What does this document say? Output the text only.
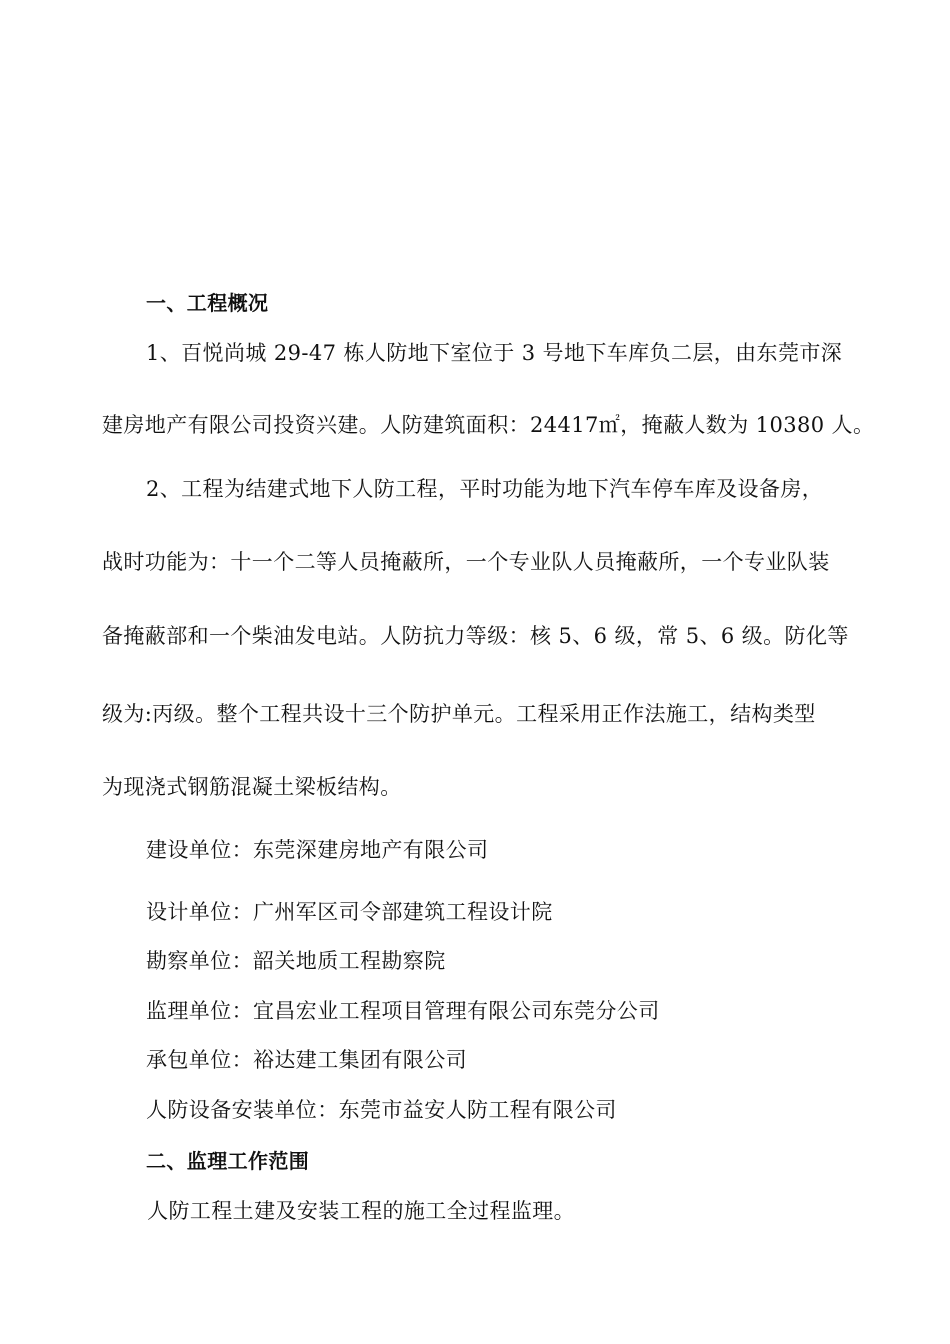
一、工程概况
1、百悦尚城 29-47 栋人防地下室位于 3 号地下车库负二层，由东莞市深
建房地产有限公司投资兴建。人防建筑面积：24417㎡，掩蔽人数为 10380 人。
2、工程为结建式地下人防工程，平时功能为地下汽车停车库及设备房，
战时功能为：十一个二等人员掩蔽所，一个专业队人员掩蔽所，一个专业队装
备掩蔽部和一个柴油发电站。人防抗力等级：核 5、6 级，常 5、6 级。防化等
级为:丙级。整个工程共设十三个防护单元。工程采用正作法施工，结构类型
为现浇式钢筋混凝土梁板结构。
建设单位：东莞深建房地产有限公司
设计单位：广州军区司令部建筑工程设计院
勘察单位：韶关地质工程勘察院
监理单位：宜昌宏业工程项目管理有限公司东莞分公司
承包单位：裕达建工集团有限公司
人防设备安装单位：东莞市益安人防工程有限公司
二、监理工作范围
人防工程土建及安装工程的施工全过程监理。
